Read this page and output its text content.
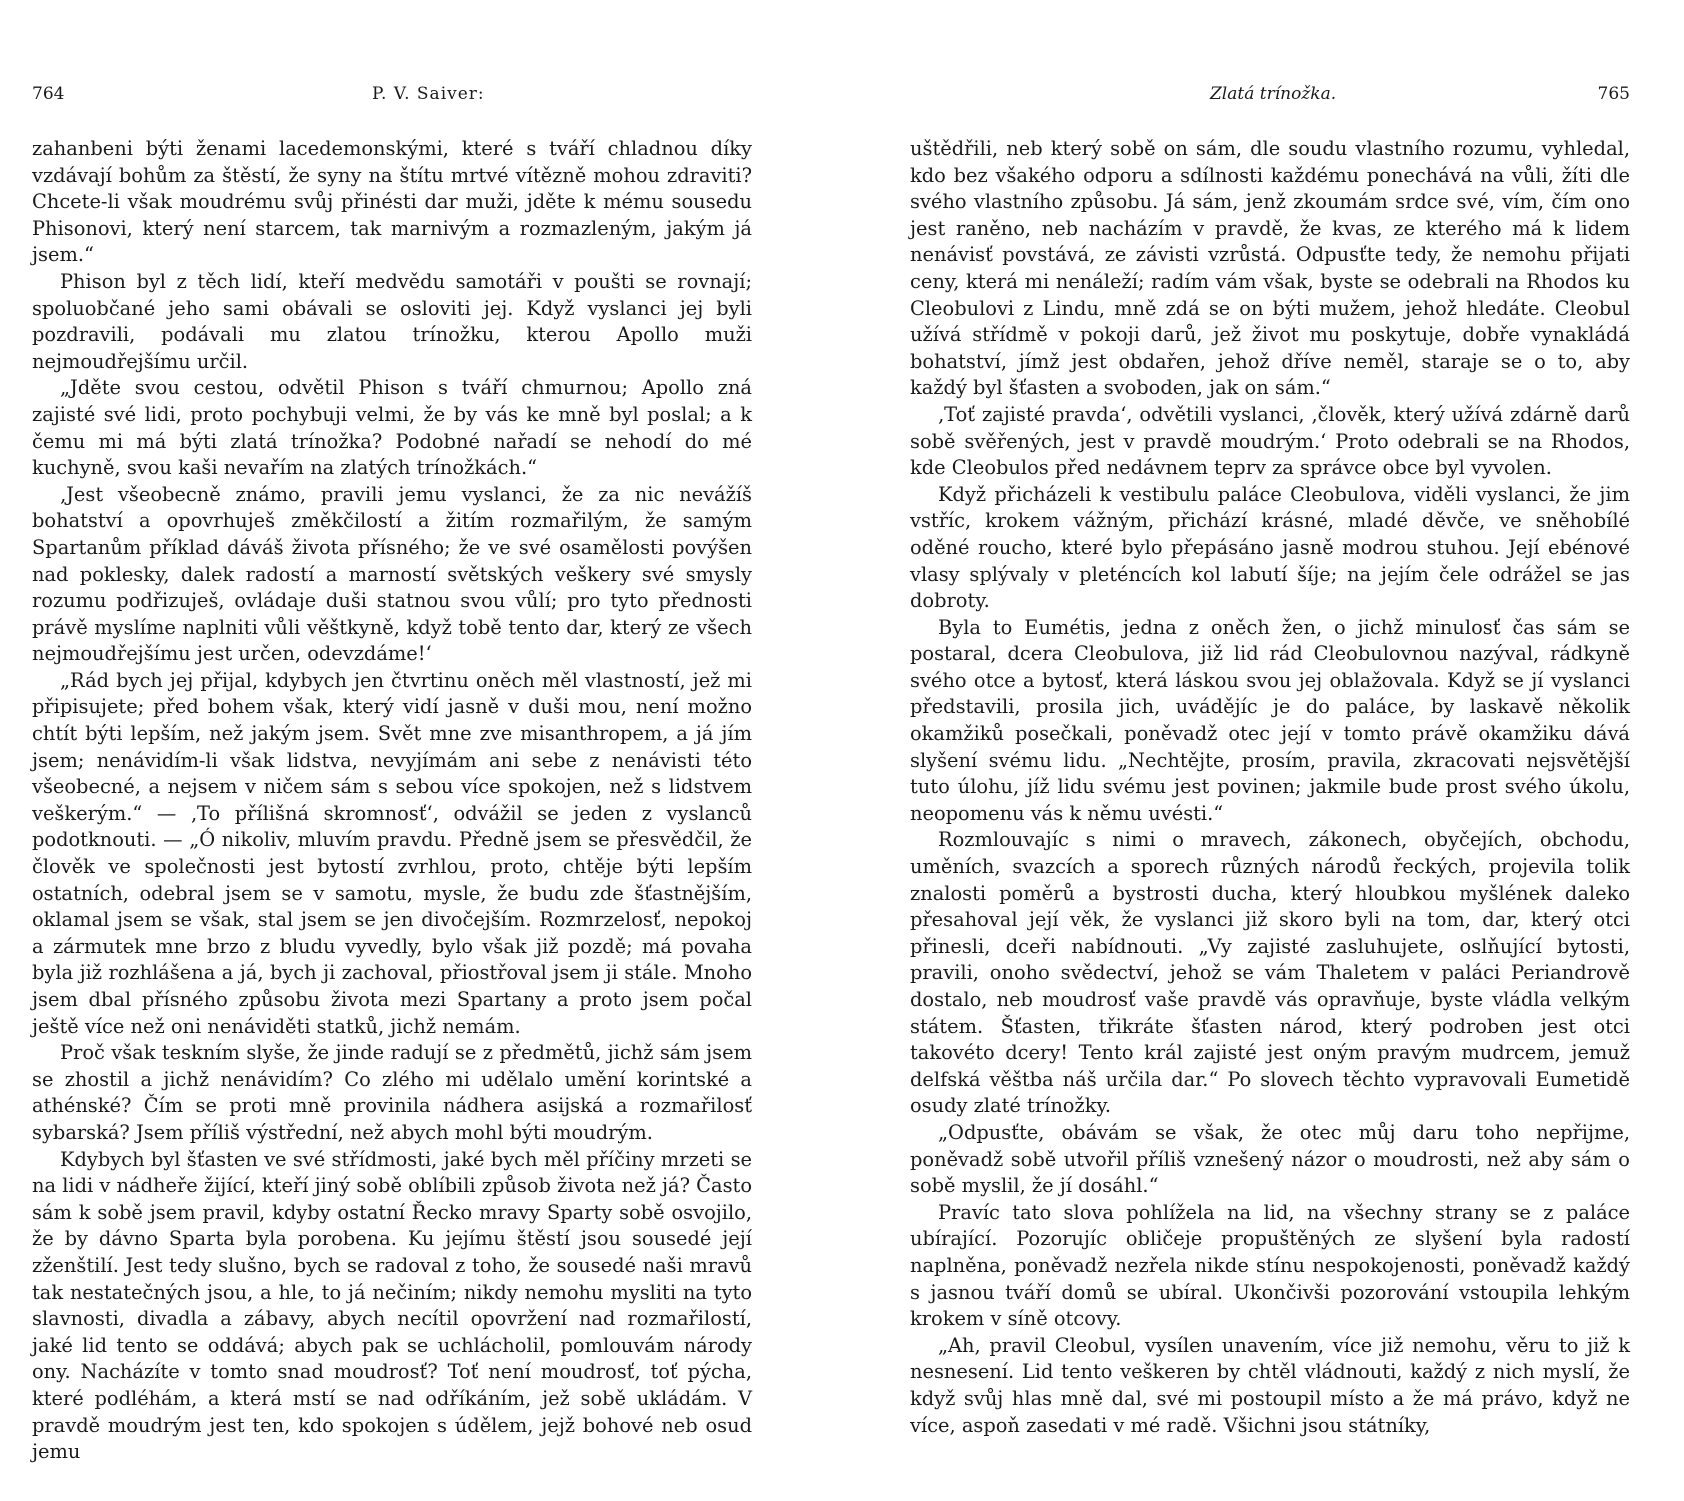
764	P. V. Saiver:

zahanbeni býti ženami lacedemonskými, které s tváří chladnou díky vzdávají bohům za štěstí, že syny na štítu mrtvé vítězně mohou zdraviti? Chcete-li však moudrému svůj přinésti dar muži, jděte k mému sousedu Phisonovi, který není starcem, tak marnivým a rozmazleným, jakým já jsem.“

Phison byl z těch lidí, kteří medvědu samotáři v poušti se rovnají; spoluobčané jeho sami obávali se osloviti jej. Když vyslanci jej byli pozdravili, podávali mu zlatou trínožku, kterou Apollo muži nejmoudřejšímu určil.

„Jděte svou cestou, odvětil Phison s tváří chmurnou; Apollo zná zajisté své lidi, proto pochybuji velmi, že by vás ke mně byl poslal; a k čemu mi má býti zlatá trínožka? Podobné nařadí se nehodí do mé kuchyně, svou kaši nevařím na zlatých trínožkách.“

‚Jest všeobecně známo, pravili jemu vyslanci, že za nic nevážíš bohatství a opovrhuješ změkčilostí a žitím rozmařilým, že samým Spartanům příklad dáváš života přísného; že ve své osamělosti povýšen nad poklesky, dalek radostí a marností světských veškery své smysly rozumu podřizuješ, ovládaje duši statnou svou vůlí; pro tyto přednosti právě myslíme naplniti vůli věštkyně, když tobě tento dar, který ze všech nejmoudřejšímu jest určen, odevzdáme!‘

„Rád bych jej přijal, kdybych jen čtvrtinu oněch měl vlastností, jež mi připisujete; před bohem však, který vidí jasně v duši mou, není možno chtít býti lepším, než jakým jsem. Svět mne zve misanthropem, a já jím jsem; nenávidím-li však lidstva, nevyjímám ani sebe z nenávisti této všeobecné, a nejsem v ničem sám s sebou více spokojen, než s lidstvem veškerým.“ — ‚To přílišná skromnosť‘, odvážil se jeden z vyslanců podotknouti. — „Ó nikoliv, mluvím pravdu. Předně jsem se přesvědčil, že člověk ve společnosti jest bytostí zvrhlou, proto, chtěje býti lepším ostatních, odebral jsem se v samotu, mysle, že budu zde šťastnějším, oklamal jsem se však, stal jsem se jen divočejším. Rozmrzelosť, nepokoj a zármutek mne brzo z bludu vyvedly, bylo však již pozdě; má povaha byla již rozhlášena a já, bych ji zachoval, přiostřoval jsem ji stále. Mnoho jsem dbal přísného způsobu života mezi Spartany a proto jsem počal ještě více než oni nenáviděti statků, jichž nemám.

Proč však teskním slyše, že jinde radují se z předmětů, jichž sám jsem se zhostil a jichž nenávidím? Co zlého mi udělalo umění korintské a athénské? Čím se proti mně provinila nádhera asijská a rozmařilosť sybarská? Jsem příliš výstřední, než abych mohl býti moudrým.

Kdybych byl šťasten ve své střídmosti, jaké bych měl příčiny mrzeti se na lidi v nádheře žijící, kteří jiný sobě oblíbili způsob života než já? Často sám k sobě jsem pravil, kdyby ostatní Řecko mravy Sparty sobě osvojilo, že by dávno Sparta byla porobena. Ku jejímu štěstí jsou sousedé její zženštilí. Jest tedy slušno, bych se radoval z toho, že sousedé naši mravů tak nestatečných jsou, a hle, to já nečiním; nikdy nemohu mysliti na tyto slavnosti, divadla a zábavy, abych necítil opovržení nad rozmařilostí, jaké lid tento se oddává; abych pak se uchlácholil, pomlouvám národy ony. Nacházíte v tomto snad moudrosť? Toť není moudrosť, toť pýcha, které podléhám, a která mstí se nad odříkáním, jež sobě ukládám. V pravdě moudrým jest ten, kdo spokojen s údělem, jejž bohové neb osud jemu

Zlatá trínožka.	765

uštědřili, neb který sobě on sám, dle soudu vlastního rozumu, vyhledal, kdo bez všakého odporu a sdílnosti každému ponechává na vůli, žíti dle svého vlastního způsobu. Já sám, jenž zkoumám srdce své, vím, čím ono jest raněno, neb nacházím v pravdě, že kvas, ze kterého má k lidem nenávisť povstává, ze závisti vzrůstá. Odpusťte tedy, že nemohu přijati ceny, která mi nenáleží; radím vám však, byste se odebrali na Rhodos ku Cleobulovi z Lindu, mně zdá se on býti mužem, jehož hledáte. Cleobul užívá střídmě v pokoji darů, jež život mu poskytuje, dobře vynakládá bohatství, jímž jest obdařen, jehož dříve neměl, staraje se o to, aby každý byl šťasten a svoboden, jak on sám.“

‚Toť zajisté pravda‘, odvětili vyslanci, ‚člověk, který užívá zdárně darů sobě svěřených, jest v pravdě moudrým.‘ Proto odebrali se na Rhodos, kde Cleobulos před nedávnem teprv za správce obce byl vyvolen.

Když přicházeli k vestibulu paláce Cleobulova, viděli vyslanci, že jim vstříc, krokem vážným, přichází krásné, mladé děvče, ve sněhobílé oděné roucho, které bylo přepásáno jasně modrou stuhou. Její ebénové vlasy splývaly v pleténcích kol labutí šíje; na jejím čele odrážel se jas dobroty.

Byla to Eumétis, jedna z oněch žen, o jichž minulosť čas sám se postaral, dcera Cleobulova, již lid rád Cleobulovnou nazýval, rádkyně svého otce a bytosť, která láskou svou jej oblažovala. Když se jí vyslanci představili, prosila jich, uvádějíc je do paláce, by laskavě několik okamžiků posečkali, poněvadž otec její v tomto právě okamžiku dává slyšení svému lidu. „Nechtějte, prosím, pravila, zkracovati nejsvětější tuto úlohu, jíž lidu svému jest povinen; jakmile bude prost svého úkolu, neopomenu vás k němu uvésti.“

Rozmlouvajíc s nimi o mravech, zákonech, obyčejích, obchodu, uměních, svazcích a sporech různých národů řeckých, projevila tolik znalosti poměrů a bystrosti ducha, který hloubkou myšlének daleko přesahoval její věk, že vyslanci již skoro byli na tom, dar, který otci přinesli, dceři nabídnouti. „Vy zajisté zasluhujete, oslňující bytosti, pravili, onoho svědectví, jehož se vám Thaletem v paláci Periandrově dostalo, neb moudrosť vaše pravdě vás opravňuje, byste vládla velkým státem. Šťasten, třikráte šťasten národ, který podroben jest otci takovéto dcery! Tento král zajisté jest oným pravým mudrcem, jemuž delfská věštba náš určila dar.“ Po slovech těchto vypravovali Eumetidě osudy zlaté trínožky.

„Odpusťte, obávám se však, že otec můj daru toho nepřijme, poněvadž sobě utvořil příliš vznešený názor o moudrosti, než aby sám o sobě myslil, že jí dosáhl.“

Pravíc tato slova pohlížela na lid, na všechny strany se z paláce ubírající. Pozorujíc obličeje propuštěných ze slyšení byla radostí naplněna, poněvadž nezřela nikde stínu nespokojenosti, poněvadž každý s jasnou tváří domů se ubíral. Ukončivši pozorování vstoupila lehkým krokem v síně otcovy.

„Ah, pravil Cleobul, vysílen unavením, více již nemohu, věru to již k nesnesení. Lid tento veškeren by chtěl vládnouti, každý z nich myslí, že když svůj hlas mně dal, své mi postoupil místo a že má právo, když ne více, aspoň zasedati v mé radě. Všichni jsou státníky,
